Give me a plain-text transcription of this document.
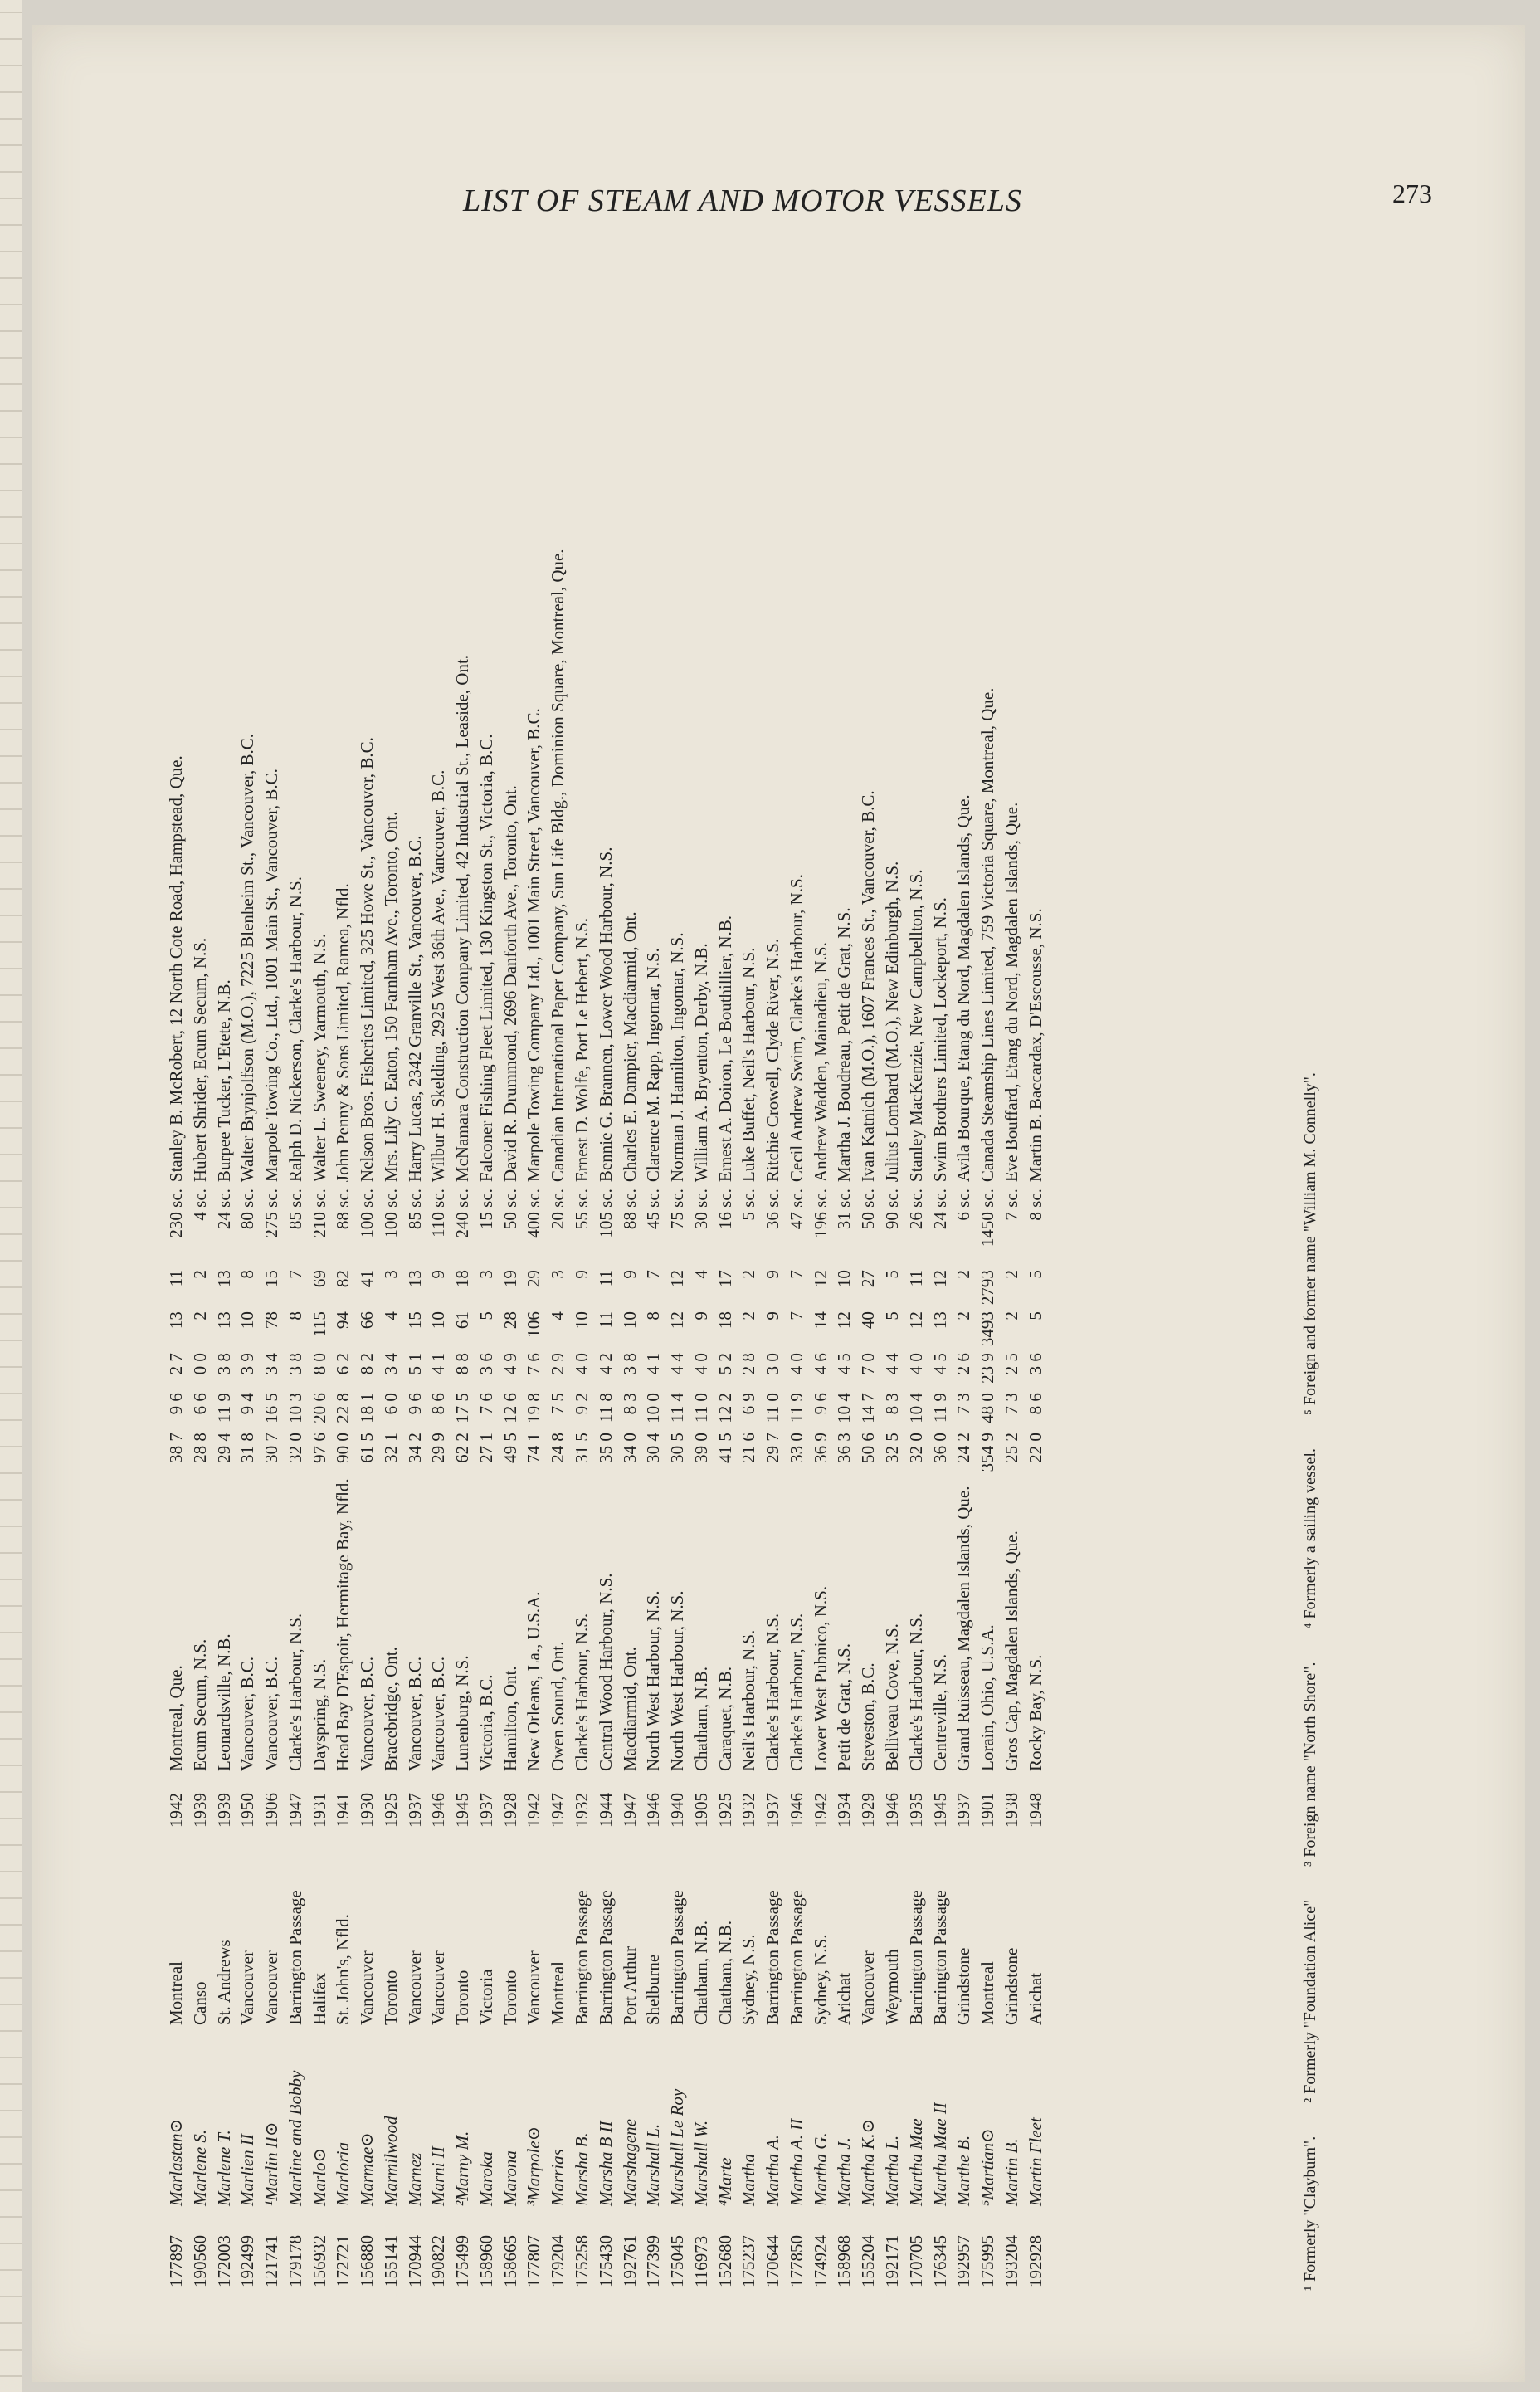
LIST OF STEAM AND MOTOR VESSELS	273
177897	Marlastan⊙	Montreal	1942	Montreal, Que.	38 7	9 6	2 7	13	11	230 sc.	Stanley B. McRobert, 12 North Cote Road, Hampstead, Que.
190560	Marlene S.	Canso	1939	Ecum Secum, N.S.	28 8	6 6	0 0	2	2	4 sc.	Hubert Shrider, Ecum Secum, N.S.
172003	Marlene T.	St. Andrews	1939	Leonardsville, N.B.	29 4	11 9	3 8	13	13	24 sc.	Burpee Tucker, L'Etete, N.B.
192499	Marlien II	Vancouver	1950	Vancouver, B.C.	31 8	9 4	3 9	10	8	80 sc.	Walter Brynjolfson (M.O.), 7225 Blenheim St., Vancouver, B.C.
121741	¹Marlin II⊙	Vancouver	1906	Vancouver, B.C.	30 7	16 5	3 4	78	15	275 sc.	Marpole Towing Co., Ltd., 1001 Main St., Vancouver, B.C.
179178	Marline and Bobby	Barrington Passage	1947	Clarke's Harbour, N.S.	32 0	10 3	3 8	8	7	85 sc.	Ralph D. Nickerson, Clarke's Harbour, N.S.
156932	Marlo⊙	Halifax	1931	Dayspring, N.S.	97 6	20 6	8 0	115	69	210 sc.	Walter L. Sweeney, Yarmouth, N.S.
172721	Marloria	St. John's, Nfld.	1941	Head Bay D'Espoir, Hermitage Bay, Nfld.	90 0	22 8	6 2	94	82	88 sc.	John Penny & Sons Limited, Ramea, Nfld.
156880	Marmae⊙	Vancouver	1930	Vancouver, B.C.	61 5	18 1	8 2	66	41	100 sc.	Nelson Bros. Fisheries Limited, 325 Howe St., Vancouver, B.C.
155141	Marmilwood	Toronto	1925	Bracebridge, Ont.	32 1	6 0	3 4	4	3	100 sc.	Mrs. Lily C. Eaton, 150 Farnham Ave., Toronto, Ont.
170944	Marnez	Vancouver	1937	Vancouver, B.C.	34 2	9 6	5 1	15	13	85 sc.	Harry Lucas, 2342 Granville St., Vancouver, B.C.
190822	Marni II	Vancouver	1946	Vancouver, B.C.	29 9	8 6	4 1	10	9	110 sc.	Wilbur H. Skelding, 2925 West 36th Ave., Vancouver, B.C.
175499	²Marny M.	Toronto	1945	Lunenburg, N.S.	62 2	17 5	8 8	61	18	240 sc.	McNamara Construction Company Limited, 42 Industrial St., Leaside, Ont.
158960	Maroka	Victoria	1937	Victoria, B.C.	27 1	7 6	3 6	5	3	15 sc.	Falconer Fishing Fleet Limited, 130 Kingston St., Victoria, B.C.
158665	Marona	Toronto	1928	Hamilton, Ont.	49 5	12 6	4 9	28	19	50 sc.	David R. Drummond, 2696 Danforth Ave., Toronto, Ont.
177807	³Marpole⊙	Vancouver	1942	New Orleans, La., U.S.A.	74 1	19 8	7 6	106	29	400 sc.	Marpole Towing Company Ltd., 1001 Main Street, Vancouver, B.C.
179204	Marrias	Montreal	1947	Owen Sound, Ont.	24 8	7 5	2 9	4	3	20 sc.	Canadian International Paper Company, Sun Life Bldg., Dominion Square, Montreal, Que.
175258	Marsha B.	Barrington Passage	1932	Clarke's Harbour, N.S.	31 5	9 2	4 0	10	9	55 sc.	Ernest D. Wolfe, Port Le Hebert, N.S.
175430	Marsha B II	Barrington Passage	1944	Central Wood Harbour, N.S.	35 0	11 8	4 2	11	11	105 sc.	Bennie G. Brannen, Lower Wood Harbour, N.S.
192761	Marshagene	Port Arthur	1947	Macdiarmid, Ont.	34 0	8 3	3 8	10	9	88 sc.	Charles E. Dampier, Macdiarmid, Ont.
177399	Marshall L.	Shelburne	1946	North West Harbour, N.S.	30 4	10 0	4 1	8	7	45 sc.	Clarence M. Rapp, Ingomar, N.S.
175045	Marshall Le Roy	Barrington Passage	1940	North West Harbour, N.S.	30 5	11 4	4 4	12	12	75 sc.	Norman J. Hamilton, Ingomar, N.S.
116973	Marshall W.	Chatham, N.B.	1905	Chatham, N.B.	39 0	11 0	4 0	9	4	30 sc.	William A. Bryenton, Derby, N.B.
152680	⁴Marte	Chatham, N.B.	1925	Caraquet, N.B.	41 5	12 2	5 2	18	17	16 sc.	Ernest A. Doiron, Le Bouthillier, N.B.
175237	Martha	Sydney, N.S.	1932	Neil's Harbour, N.S.	21 6	6 9	2 8	2	2	5 sc.	Luke Buffet, Neil's Harbour, N.S.
170644	Martha A.	Barrington Passage	1937	Clarke's Harbour, N.S.	29 7	11 0	3 0	9	9	36 sc.	Ritchie Crowell, Clyde River, N.S.
177850	Martha A. II	Barrington Passage	1946	Clarke's Harbour, N.S.	33 0	11 9	4 0	7	7	47 sc.	Cecil Andrew Swim, Clarke's Harbour, N.S.
174924	Martha G.	Sydney, N.S.	1942	Lower West Pubnico, N.S.	36 9	9 6	4 6	14	12	196 sc.	Andrew Wadden, Mainadieu, N.S.
158968	Martha J.	Arichat	1934	Petit de Grat, N.S.	36 3	10 4	4 5	12	10	31 sc.	Martha J. Boudreau, Petit de Grat, N.S.
155204	Martha K.⊙	Vancouver	1929	Steveston, B.C.	50 6	14 7	7 0	40	27	50 sc.	Ivan Katnich (M.O.), 1607 Frances St., Vancouver, B.C.
192171	Martha L.	Weymouth	1946	Belliveau Cove, N.S.	32 5	8 3	4 4	5	5	90 sc.	Julius Lombard (M.O.), New Edinburgh, N.S.
170705	Martha Mae	Barrington Passage	1935	Clarke's Harbour, N.S.	32 0	10 4	4 0	12	11	26 sc.	Stanley MacKenzie, New Campbellton, N.S.
176345	Martha Mae II	Barrington Passage	1945	Centreville, N.S.	36 0	11 9	4 5	13	12	24 sc.	Swim Brothers Limited, Lockeport, N.S.
192957	Marthe B.	Grindstone	1937	Grand Ruisseau, Magdalen Islands, Que.	24 2	7 3	2 6	2	2	6 sc.	Avila Bourque, Etang du Nord, Magdalen Islands, Que.
175995	⁵Martian⊙	Montreal	1901	Lorain, Ohio, U.S.A.	354 9	48 0	23 9	3493	2793	1450 sc.	Canada Steamship Lines Limited, 759 Victoria Square, Montreal, Que.
193204	Martin B.	Grindstone	1938	Gros Cap, Magdalen Islands, Que.	25 2	7 3	2 5	2	2	7 sc.	Eve Bouffard, Etang du Nord, Magdalen Islands, Que.
192928	Martin Fleet	Arichat	1948	Rocky Bay, N.S.	22 0	8 6	3 6	5	5	8 sc.	Martin B. Baccardax, D'Escousse, N.S.
¹ Formerly "Clayburn".² Formerly "Foundation Alice"³ Foreign name "North Shore".⁴ Formerly a sailing vessel.⁵ Foreign and former name "William M. Connelly".
